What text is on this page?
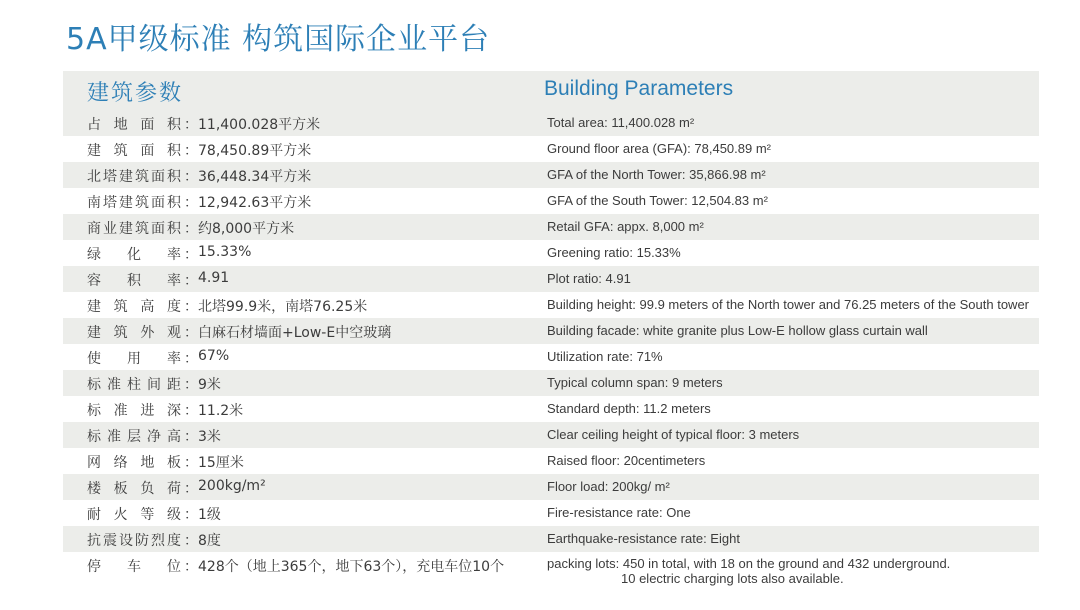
5A甲级标准 构筑国际企业平台
建筑参数	Building Parameters
占地面积 ： 11,400.028平方米	Total area: 11,400.028 m²
建筑面积 ： 78,450.89平方米	Ground floor area (GFA): 78,450.89 m²
北塔建筑面积 ： 36,448.34平方米	GFA of the North Tower: 35,866.98 m²
南塔建筑面积 ： 12,942.63平方米	GFA of the South Tower: 12,504.83 m²
商业建筑面积 ： 约8,000平方米	Retail GFA: appx. 8,000 m²
绿化率 ： 15.33%	Greening ratio: 15.33%
容积率 ： 4.91	Plot ratio: 4.91
建筑高度 ： 北塔99.9米，南塔76.25米	Building height: 99.9 meters of the North tower and 76.25 meters of the South tower
建筑外观 ： 白麻石材墙面+Low-E中空玻璃	Building facade: white granite plus Low-E hollow glass curtain wall
使用率 ： 67%	Utilization rate: 71%
标准柱间距 ： 9米	Typical column span: 9 meters
标准进深 ： 11.2米	Standard depth: 11.2 meters
标准层净高 ： 3米	Clear ceiling height of typical floor: 3 meters
网络地板 ： 15厘米	Raised floor: 20centimeters
楼板负荷 ： 200kg/m²	Floor load: 200kg/ m²
耐火等级 ： 1级	Fire-resistance rate: One
抗震设防烈度 ： 8度	Earthquake-resistance rate: Eight
停车位 ： 428个（地上365个，地下63个），充电车位10个	packing lots: 450 in total, with 18 on the ground and 432 underground.
10 electric charging lots also available.
